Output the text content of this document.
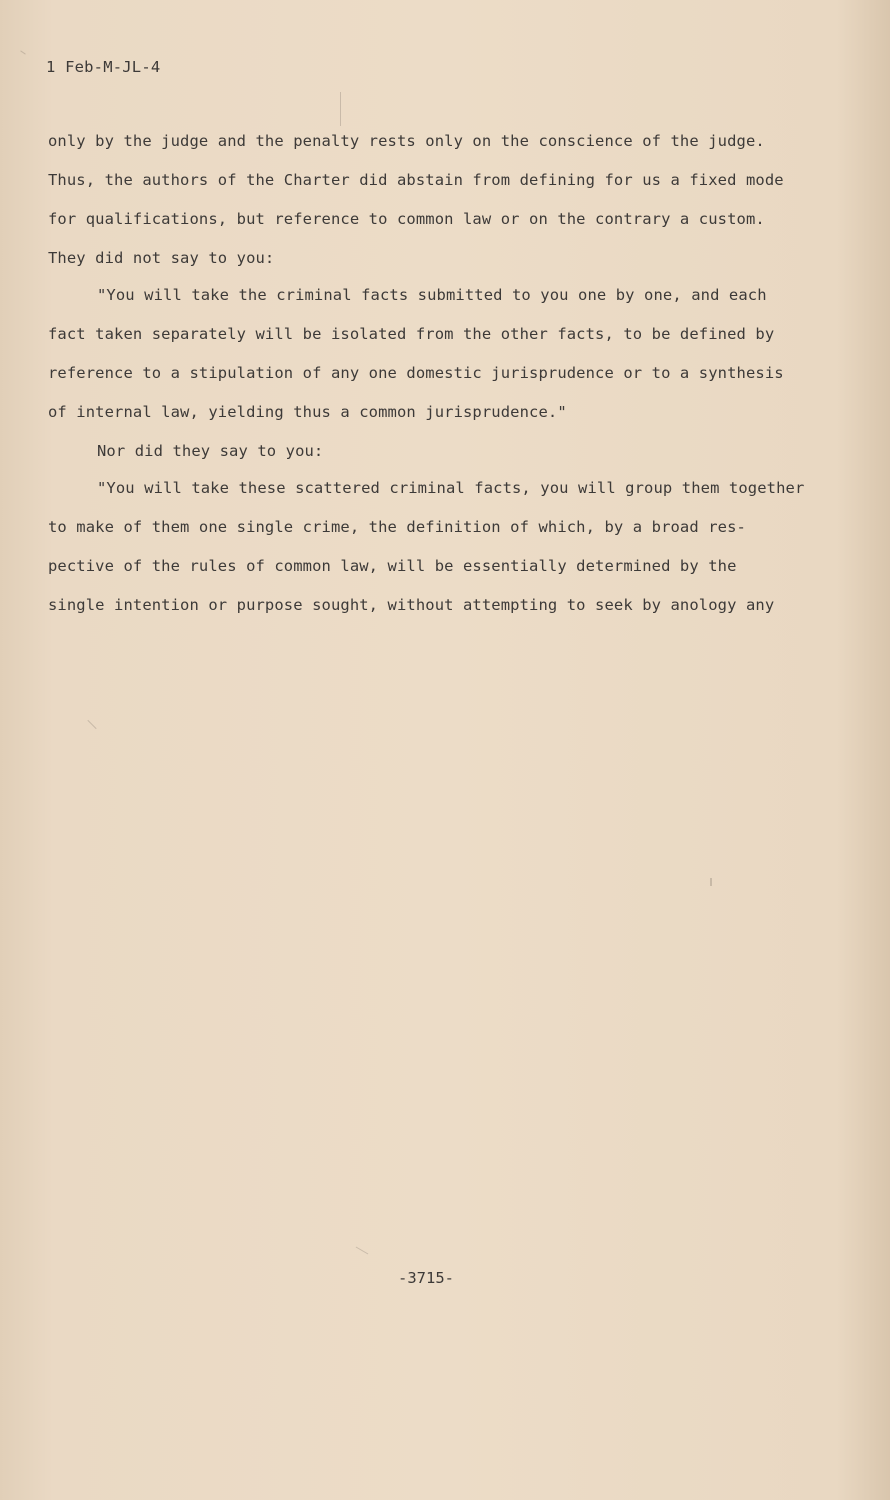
1 Feb-M-JL-4
only by the judge and the penalty rests only on the conscience of the judge.
Thus, the authors of the Charter did abstain from defining for us a fixed mode
for qualifications, but reference to common law or on the contrary a custom.
They did not say to you:
"You will take the criminal facts submitted to you one by one, and each
fact taken separately will be isolated from the other facts, to be defined by
reference to a stipulation of any one domestic jurisprudence or to a synthesis
of internal law, yielding thus a common jurisprudence."
Nor did they say to you:
"You will take these scattered criminal facts, you will group them together
to make of them one single crime, the definition of which, by a broad res-
pective of the rules of common law, will be essentially determined by the
single intention or purpose sought, without attempting to seek by anology any
-3715-
